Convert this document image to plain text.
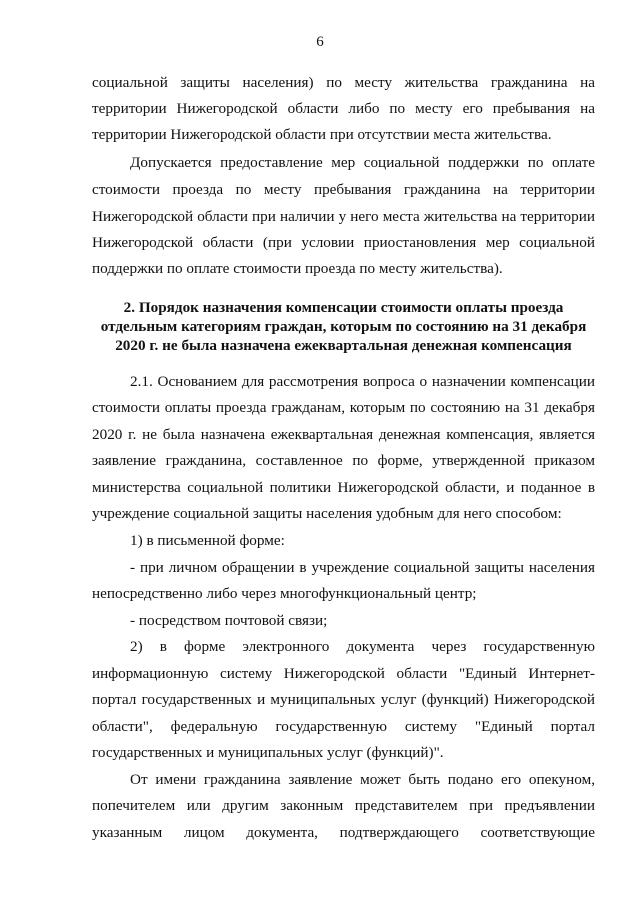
6
социальной защиты населения) по месту жительства гражданина на
территории Нижегородской области либо по месту его пребывания на
территории Нижегородской области при отсутствии места жительства.
Допускается предоставление мер социальной поддержки по оплате
стоимости проезда по месту пребывания гражданина на территории
Нижегородской области при наличии у него места жительства на территории
Нижегородской области (при условии приостановления мер социальной
поддержки по оплате стоимости проезда по месту жительства).
2. Порядок назначения компенсации стоимости оплаты проезда
отдельным категориям граждан, которым по состоянию на 31 декабря
2020 г. не была назначена ежеквартальная денежная компенсация
2.1. Основанием для рассмотрения вопроса о назначении компенсации
стоимости оплаты проезда гражданам, которым по состоянию на 31 декабря
2020 г. не была назначена ежеквартальная денежная компенсация, является
заявление гражданина, составленное по форме, утвержденной приказом
министерства социальной политики Нижегородской области, и поданное в
учреждение социальной защиты населения удобным для него способом:
1) в письменной форме:
- при личном обращении в учреждение социальной защиты населения
непосредственно либо через многофункциональный центр;
- посредством почтовой связи;
2) в форме электронного документа через государственную
информационную систему Нижегородской области "Единый Интернет-
портал государственных и муниципальных услуг (функций) Нижегородской
области", федеральную государственную систему "Единый портал
государственных и муниципальных услуг (функций)".
От имени гражданина заявление может быть подано его опекуном,
попечителем или другим законным представителем при предъявлении
указанным лицом документа, подтверждающего соответствующие
